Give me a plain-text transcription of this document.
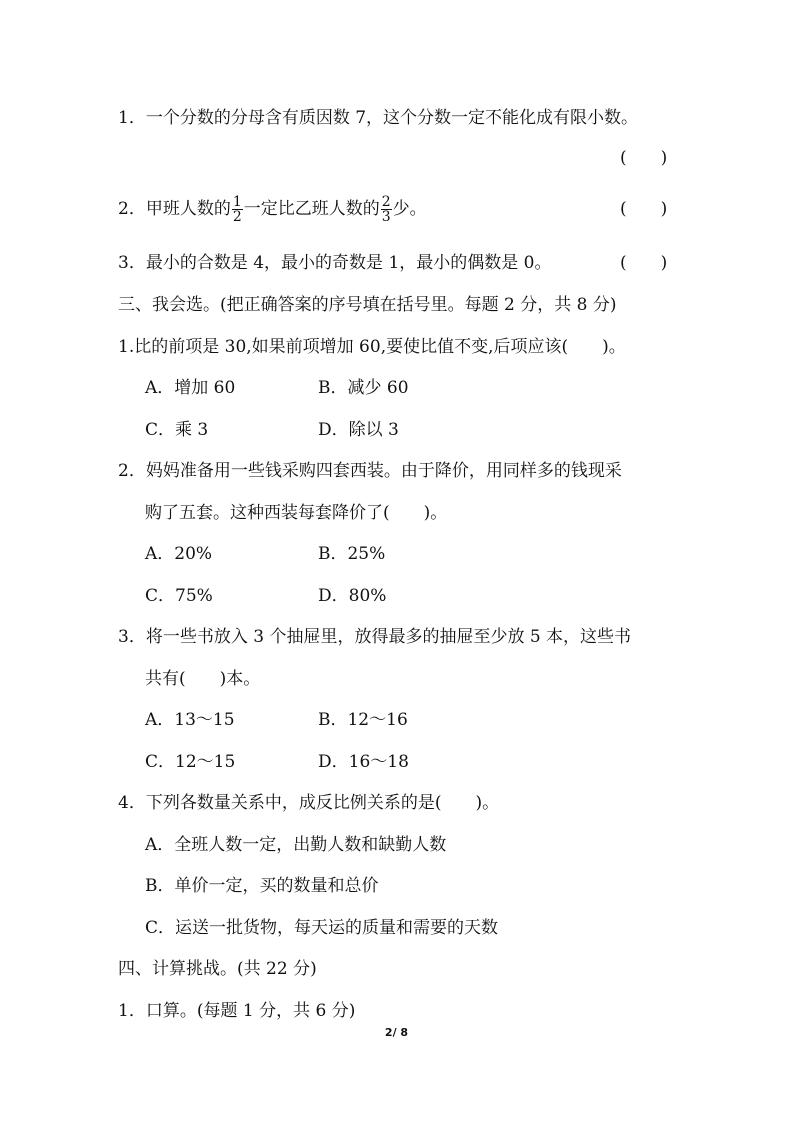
1．一个分数的分母含有质因数 7，这个分数一定不能化成有限小数。
(　　)
2．甲班人数的 $\frac{1}{2}$ 一定比乙班人数的 $\frac{2}{3}$ 少。	(　　)
3．最小的合数是 4，最小的奇数是 1，最小的偶数是 0。	(　　)
三、我会选。(把正确答案的序号填在括号里。每题 2 分，共 8 分)
1.比的前项是 30,如果前项增加 60,要使比值不变,后项应该(　　)。
A．增加 60	B．减少 60
C．乘 3	D．除以 3
2．妈妈准备用一些钱采购四套西装。由于降价，用同样多的钱现采
购了五套。这种西装每套降价了(　　)。
A．20%	B．25%
C．75%	D．80%
3．将一些书放入 3 个抽屉里，放得最多的抽屉至少放 5 本，这些书
共有(　　)本。
A．13～15	B．12～16
C．12～15	D．16～18
4．下列各数量关系中，成反比例关系的是(　　)。
A．全班人数一定，出勤人数和缺勤人数
B．单价一定，买的数量和总价
C．运送一批货物，每天运的质量和需要的天数
四、计算挑战。(共 22 分)
1．口算。(每题 1 分，共 6 分)
2/ 8
